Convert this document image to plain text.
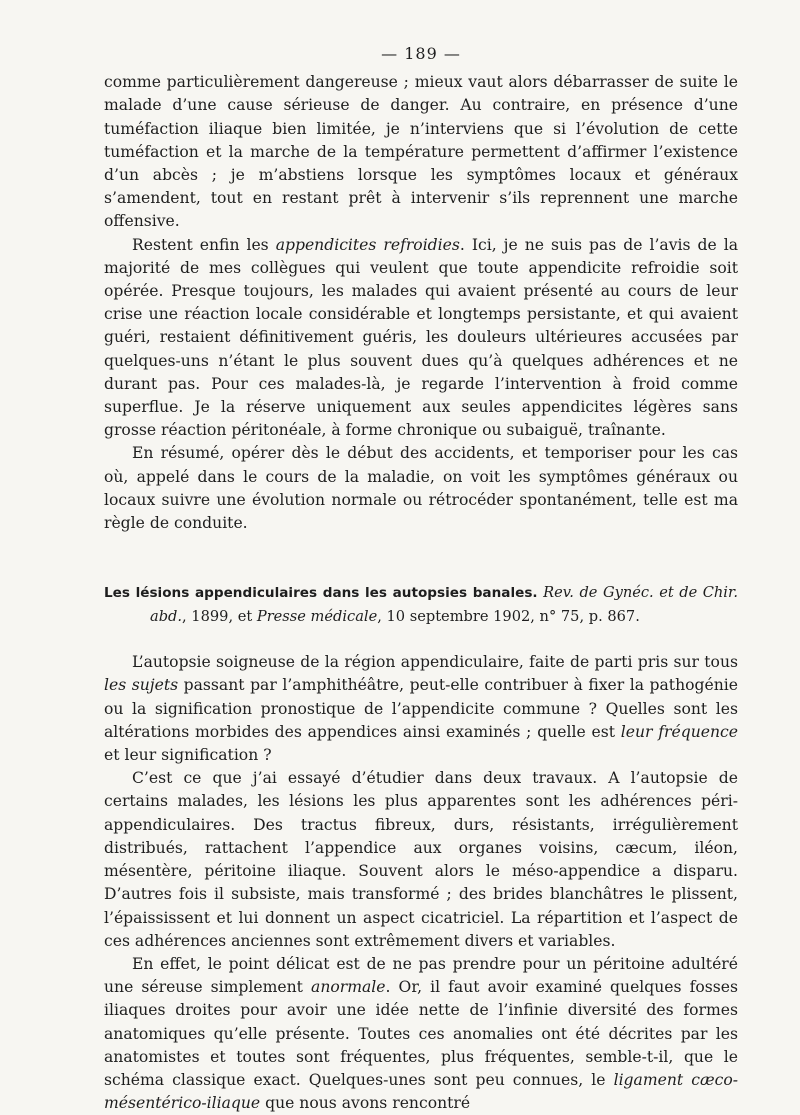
— 189 —

comme particulièrement dangereuse ; mieux vaut alors débarrasser de suite le malade d’une cause sérieuse de danger. Au contraire, en présence d’une tuméfaction iliaque bien limitée, je n’interviens que si l’évolution de cette tuméfaction et la marche de la température permettent d’affirmer l’existence d’un abcès ; je m’abstiens lorsque les symptômes locaux et généraux s’amendent, tout en restant prêt à intervenir s’ils reprennent une marche offensive.

Restent enfin les appendicites refroidies. Ici, je ne suis pas de l’avis de la majorité de mes collègues qui veulent que toute appendicite refroidie soit opérée. Presque toujours, les malades qui avaient présenté au cours de leur crise une réaction locale considérable et longtemps persistante, et qui avaient guéri, restaient définitivement guéris, les douleurs ultérieures accusées par quelques-uns n’étant le plus souvent dues qu’à quelques adhérences et ne durant pas. Pour ces malades-là, je regarde l’intervention à froid comme superflue. Je la réserve uniquement aux seules appendicites légères sans grosse réaction péritonéale, à forme chronique ou subaiguë, traînante.

En résumé, opérer dès le début des accidents, et temporiser pour les cas où, appelé dans le cours de la maladie, on voit les symptômes généraux ou locaux suivre une évolution normale ou rétrocéder spontanément, telle est ma règle de conduite.

Les lésions appendiculaires dans les autopsies banales. Rev. de Gynéc. et de Chir. abd., 1899, et Presse médicale, 10 septembre 1902, n° 75, p. 867.

L’autopsie soigneuse de la région appendiculaire, faite de parti pris sur tous les sujets passant par l’amphithéâtre, peut-elle contribuer à fixer la pathogénie ou la signification pronostique de l’appendicite commune ? Quelles sont les altérations morbides des appendices ainsi examinés ; quelle est leur fréquence et leur signification ?

C’est ce que j’ai essayé d’étudier dans deux travaux. A l’autopsie de certains malades, les lésions les plus apparentes sont les adhérences péri-appendiculaires. Des tractus fibreux, durs, résistants, irrégulièrement distribués, rattachent l’appendice aux organes voisins, cæcum, iléon, mésentère, péritoine iliaque. Souvent alors le méso-appendice a disparu. D’autres fois il subsiste, mais transformé ; des brides blanchâtres le plissent, l’épaississent et lui donnent un aspect cicatriciel. La répartition et l’aspect de ces adhérences anciennes sont extrêmement divers et variables.

En effet, le point délicat est de ne pas prendre pour un péritoine adultéré une séreuse simplement anormale. Or, il faut avoir examiné quelques fosses iliaques droites pour avoir une idée nette de l’infinie diversité des formes anatomiques qu’elle présente. Toutes ces anomalies ont été décrites par les anatomistes et toutes sont fréquentes, plus fréquentes, semble-t-il, que le schéma classique exact. Quelques-unes sont peu connues, le ligament cæco-mésentérico-iliaque que nous avons rencontré
